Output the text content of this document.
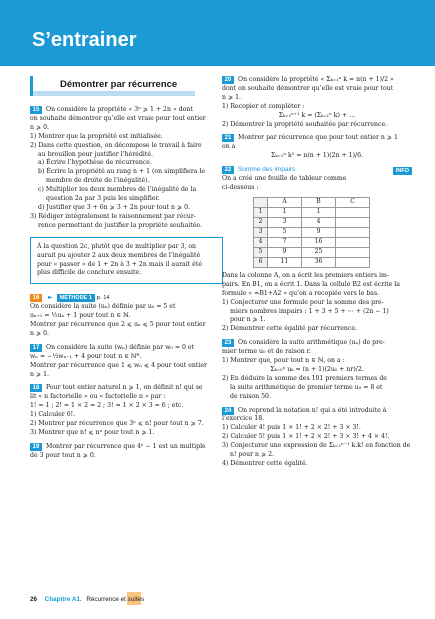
S’entrainer
Démontrer par récurrence
15 On considère la propriété « 3ⁿ ⩾ 1 + 2n » dont
on souhaite démontrer qu’elle est vraie pour tout entier
n ⩾ 0.
1) Montrer que la propriété est initialisée.
2) Dans cette question, on décompose le travail à faire
au brouillon pour justifier l’hérédité.
a) Écrire l’hypothèse de récurrence.
b) Écrire la propriété au rang n + 1 (on simplifiera le
membre de droite de l’inégalité).
c) Multiplier les deux membres de l’inégalité de la
question 2a par 3 puis les simplifier.
d) Justifier que 3 + 6n ⩾ 3 + 2n pour tout n ⩾ 0.
3) Rédiger intégralement le raisonnement par récur-
rence permettant de justifier la propriété souhaitée.
À la question 2c, plutôt que de multiplier par 3, on
aurait pu ajouter 2 aux deux membres de l’inégalité
pour « passer » de 1 + 2n à 3 + 2n mais il aurait été
plus difficile de conclure ensuite.
16 ► MÉTHODE 1 p. 14
On considère la suite (uₙ) définie par u₀ = 5 et
uₙ₊₁ = ½uₙ + 1 pour tout n ∈ ℕ.
Montrer par récurrence que 2 ⩽ uₙ ⩽ 5 pour tout entier
n ⩾ 0.
17 On considère la suite (wₙ) définie par w₀ = 0 et
wₙ = −⅓wₙ₋₁ + 4 pour tout n ∈ ℕ*.
Montrer par récurrence que 1 ⩽ wₙ ⩽ 4 pour tout entier
n ⩾ 1.
18 Pour tout entier naturel n ⩾ 1, on définit n! qui se
lit « n factorielle » ou « factorielle n » par :
1! = 1 ; 2! = 1 × 2 = 2 ; 3! = 1 × 2 × 3 = 6 ; etc.
1) Calculer 6!.
2) Montrer par récurrence que 3ⁿ ⩽ n! pour tout n ⩾ 7.
3) Montrer que n! ⩽ nⁿ pour tout n ⩾ 1.
19 Montrer par récurrence que 4ⁿ − 1 est un multiple
de 3 pour tout n ⩾ 0.
20 On considère la propriété « Σₖ₌₁ⁿ k = n(n + 1)/2 »
dont on souhaite démontrer qu’elle est vraie pour tout
n ⩾ 1.
1) Recopier et compléter :
Σₖ₌₁ⁿ⁺¹ k = (Σₖ₌₁ⁿ k) + …
2) Démontrer la propriété souhaitée par récurrence.
21 Montrer par récurrence que pour tout entier n ⩾ 1
on a
Σₖ₌₁ⁿ k² = n(n + 1)(2n + 1)/6.
22 Somme des impairs	INFO
On a créé une feuille de tableur comme
ci-dessous :
	A	B	C
1	1	1	
2	3	4	
3	5	9	
4	7	16	
5	9	25	
6	11	36	
Dans la colonne A, on a écrit les premiers entiers im-
pairs. En B1, on a écrit 1. Dans la cellule B2 est écrite la
formule « =B1+A2 » qu’on a recopiée vers le bas.
1) Conjecturer une formule pour la somme des pre-
miers nombres impairs : 1 + 3 + 5 + ⋯ + (2n − 1)
pour n ⩾ 1.
2) Démontrer cette égalité par récurrence.
23 On considère la suite arithmétique (uₙ) de pre-
mier terme u₀ et de raison r.
1) Montrer que, pour tout n ∈ ℕ, on a :
Σₖ₌₀ⁿ uₖ = (n + 1)(2u₀ + nr)/2.
2) En déduire la somme des 101 premiers termes de
la suite arithmétique de premier terme u₀ = 8 et
de raison 50.
24 On reprend la notation n! qui a été introduite à
l’exercice 18.
1) Calculer 4! puis 1 × 1! + 2 × 2! + 3 × 3!.
2) Calculer 5! puis 1 × 1! + 2 × 2! + 3 × 3! + 4 × 4!.
3) Conjecturer une expression de Σₖ₌₁ⁿ⁻¹ k.k! en fonction de
n! pour n ⩾ 2.
4) Démontrer cette égalité.
26 Chapitre A1. Récurrence et suites
